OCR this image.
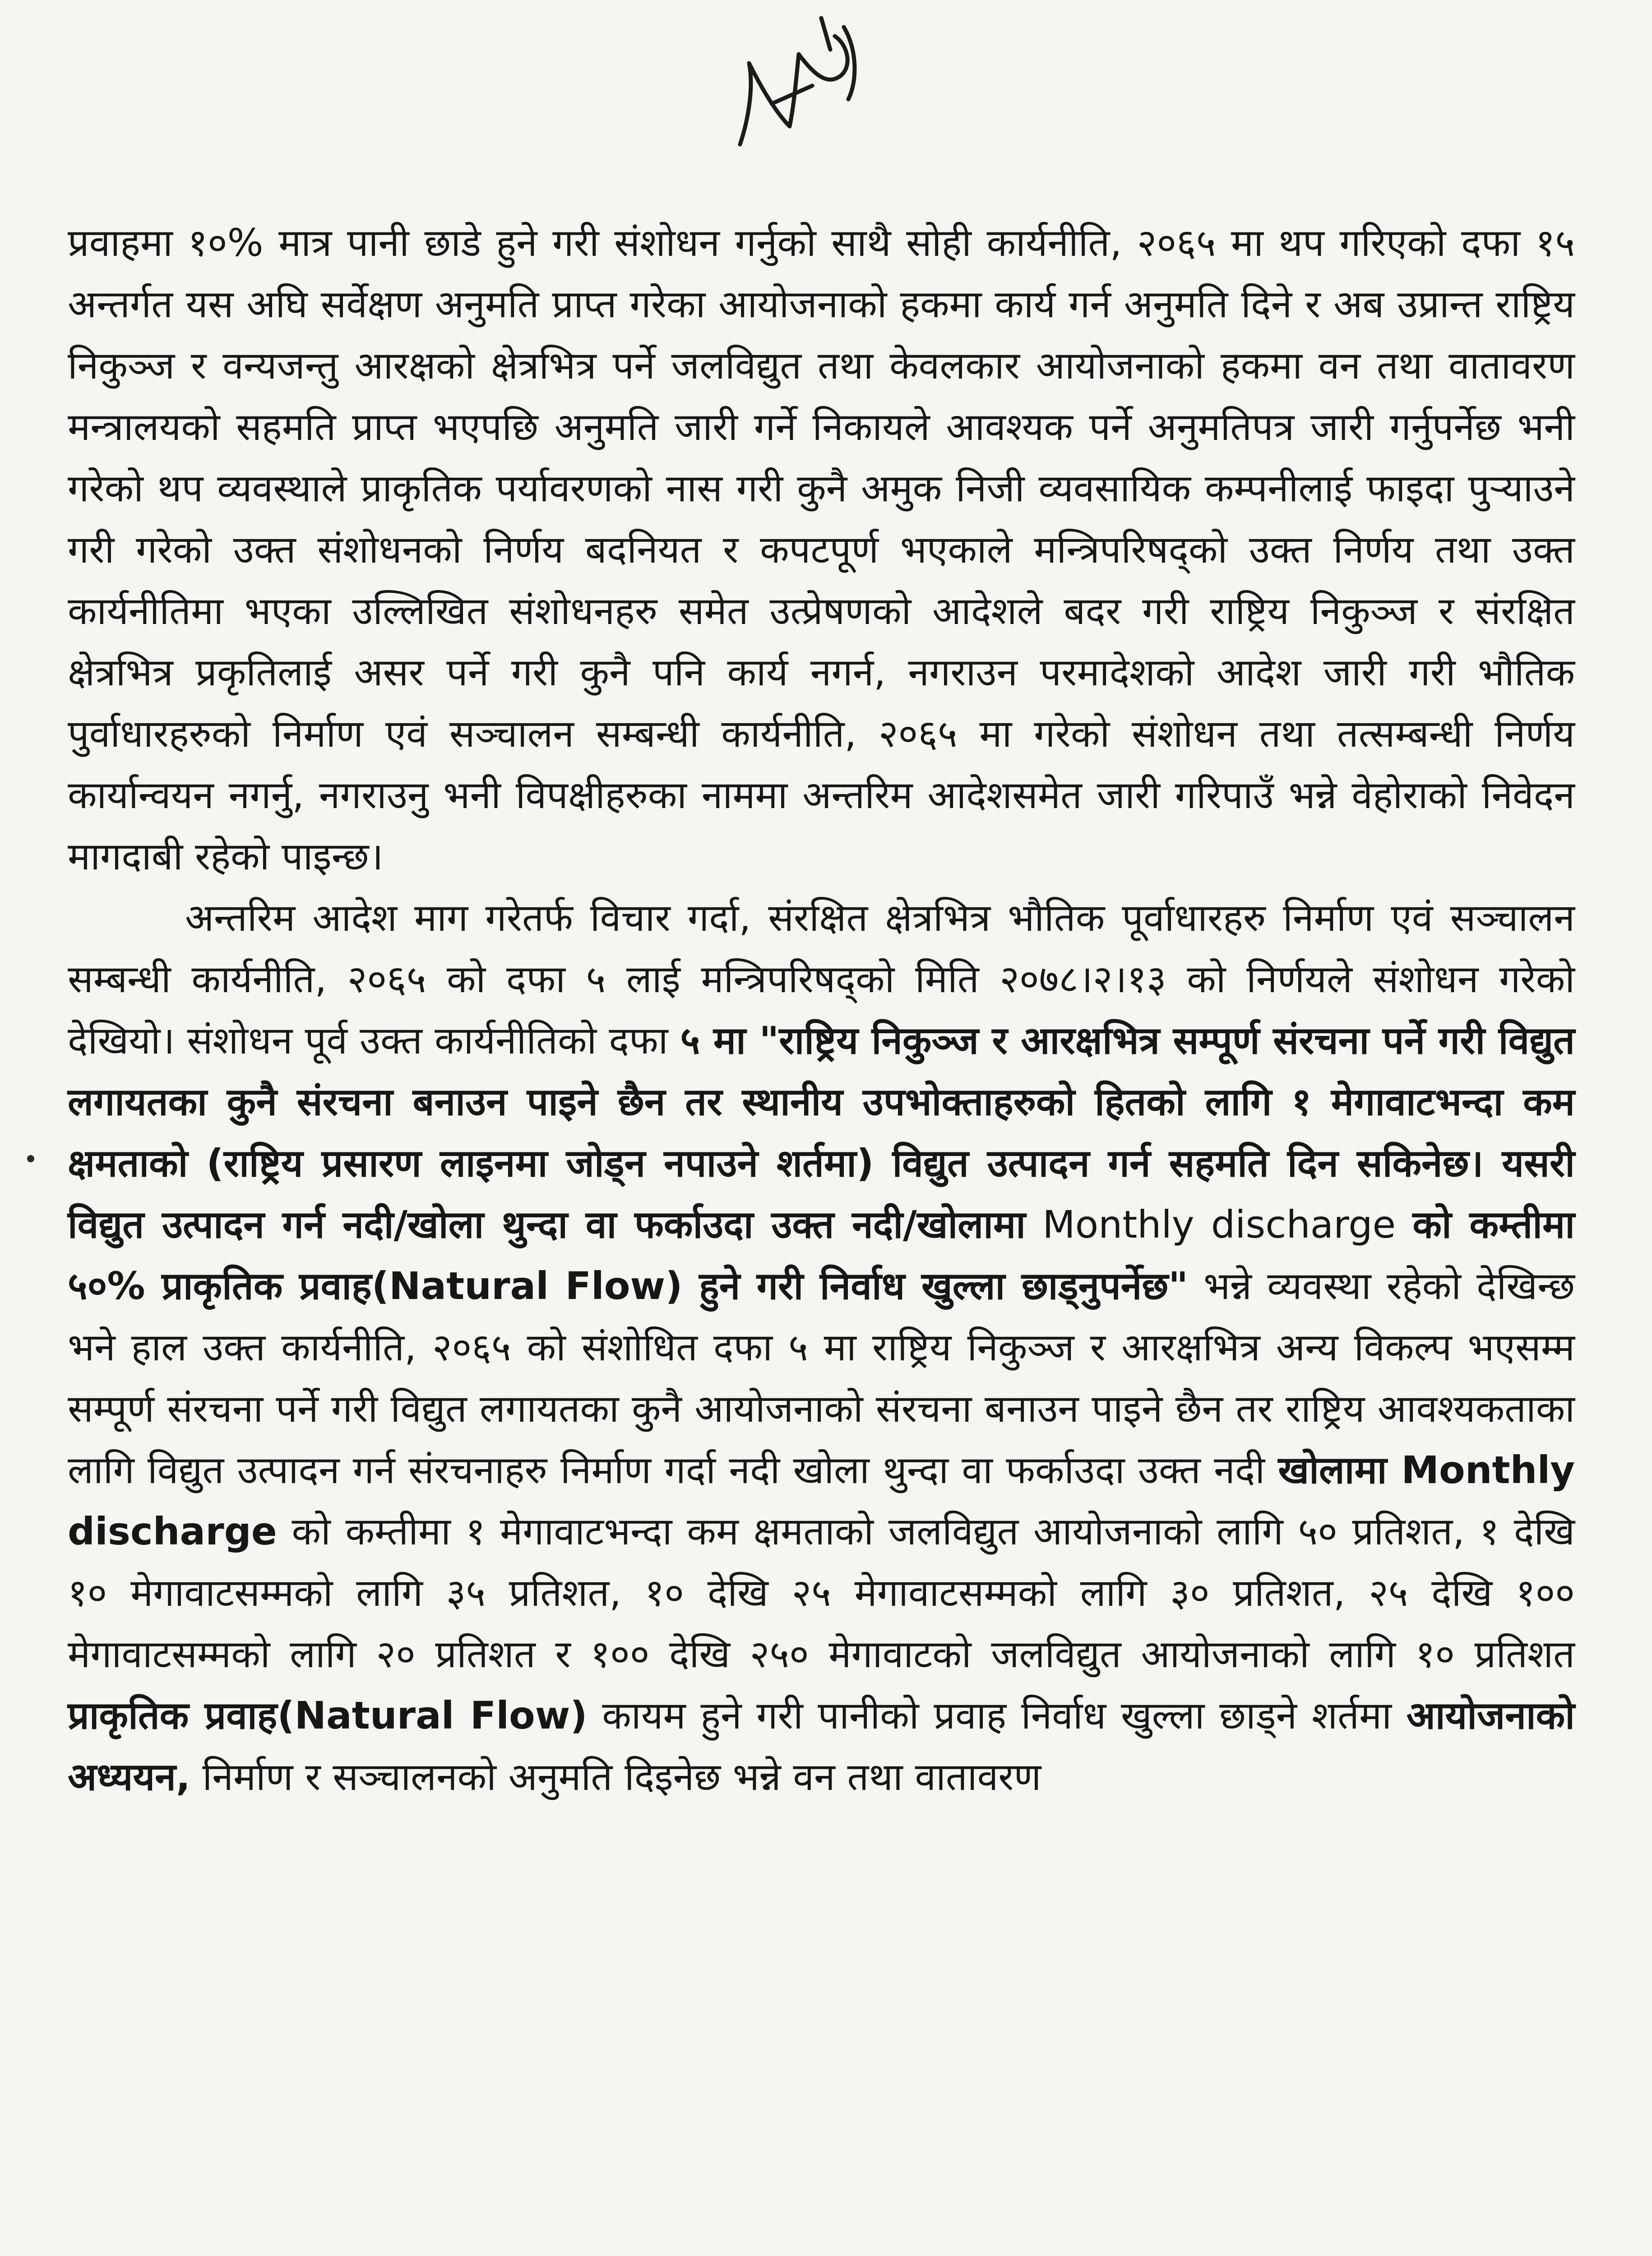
प्रवाहमा १०% मात्र पानी छाडे हुने गरी संशोधन गर्नुको साथै सोही कार्यनीति, २०६५ मा थप गरिएको दफा १५ अन्तर्गत यस अघि सर्वेक्षण अनुमति प्राप्त गरेका आयोजनाको हकमा कार्य गर्न अनुमति दिने र अब उप्रान्त राष्ट्रिय निकुञ्ज र वन्यजन्तु आरक्षको क्षेत्रभित्र पर्ने जलविद्युत तथा केवलकार आयोजनाको हकमा वन तथा वातावरण मन्त्रालयको सहमति प्राप्त भएपछि अनुमति जारी गर्ने निकायले आवश्यक पर्ने अनुमतिपत्र जारी गर्नुपर्नेछ भनी गरेको थप व्यवस्थाले प्राकृतिक पर्यावरणको नास गरी कुनै अमुक निजी व्यवसायिक कम्पनीलाई फाइदा पुऱ्याउने गरी गरेको उक्त संशोधनको निर्णय बदनियत र कपटपूर्ण भएकाले मन्त्रिपरिषद्को उक्त निर्णय तथा उक्त कार्यनीतिमा भएका उल्लिखित संशोधनहरु समेत उत्प्रेषणको आदेशले बदर गरी राष्ट्रिय निकुञ्ज र संरक्षित क्षेत्रभित्र प्रकृतिलाई असर पर्ने गरी कुनै पनि कार्य नगर्न, नगराउन परमादेशको आदेश जारी गरी भौतिक पुर्वाधारहरुको निर्माण एवं सञ्चालन सम्बन्धी कार्यनीति, २०६५ मा गरेको संशोधन तथा तत्सम्बन्धी निर्णय कार्यान्वयन नगर्नु, नगराउनु भनी विपक्षीहरुका नाममा अन्तरिम आदेशसमेत जारी गरिपाउँ भन्ने वेहोराको निवेदन मागदाबी रहेको पाइन्छ।

अन्तरिम आदेश माग गरेतर्फ विचार गर्दा, संरक्षित क्षेत्रभित्र भौतिक पूर्वाधारहरु निर्माण एवं सञ्चालन सम्बन्धी कार्यनीति, २०६५ को दफा ५ लाई मन्त्रिपरिषद्को मिति २०७८।२।१३ को निर्णयले संशोधन गरेको देखियो। संशोधन पूर्व उक्त कार्यनीतिको दफा ५ मा "राष्ट्रिय निकुञ्ज र आरक्षभित्र सम्पूर्ण संरचना पर्ने गरी विद्युत लगायतका कुनै संरचना बनाउन पाइने छैन तर स्थानीय उपभोक्ताहरुको हितको लागि १ मेगावाटभन्दा कम क्षमताको (राष्ट्रिय प्रसारण लाइनमा जोड्न नपाउने शर्तमा) विद्युत उत्पादन गर्न सहमति दिन सकिनेछ। यसरी विद्युत उत्पादन गर्न नदी/खोला थुन्दा वा फर्काउदा उक्त नदी/खोलामा Monthly discharge को कम्तीमा ५०% प्राकृतिक प्रवाह(Natural Flow) हुने गरी निर्वाध खुल्ला छाड्नुपर्नेछ" भन्ने व्यवस्था रहेको देखिन्छ भने हाल उक्त कार्यनीति, २०६५ को संशोधित दफा ५ मा राष्ट्रिय निकुञ्ज र आरक्षभित्र अन्य विकल्प भएसम्म सम्पूर्ण संरचना पर्ने गरी विद्युत लगायतका कुनै आयोजनाको संरचना बनाउन पाइने छैन तर राष्ट्रिय आवश्यकताका लागि विद्युत उत्पादन गर्न संरचनाहरु निर्माण गर्दा नदी खोला थुन्दा वा फर्काउदा उक्त नदी खोलामा Monthly discharge को कम्तीमा १ मेगावाटभन्दा कम क्षमताको जलविद्युत आयोजनाको लागि ५० प्रतिशत, १ देखि १० मेगावाटसम्मको लागि ३५ प्रतिशत, १० देखि २५ मेगावाटसम्मको लागि ३० प्रतिशत, २५ देखि १०० मेगावाटसम्मको लागि २० प्रतिशत र १०० देखि २५० मेगावाटको जलविद्युत आयोजनाको लागि १० प्रतिशत प्राकृतिक प्रवाह(Natural Flow) कायम हुने गरी पानीको प्रवाह निर्वाध खुल्ला छाड्ने शर्तमा आयोजनाको अध्ययन, निर्माण र सञ्चालनको अनुमति दिइनेछ भन्ने वन तथा वातावरण
